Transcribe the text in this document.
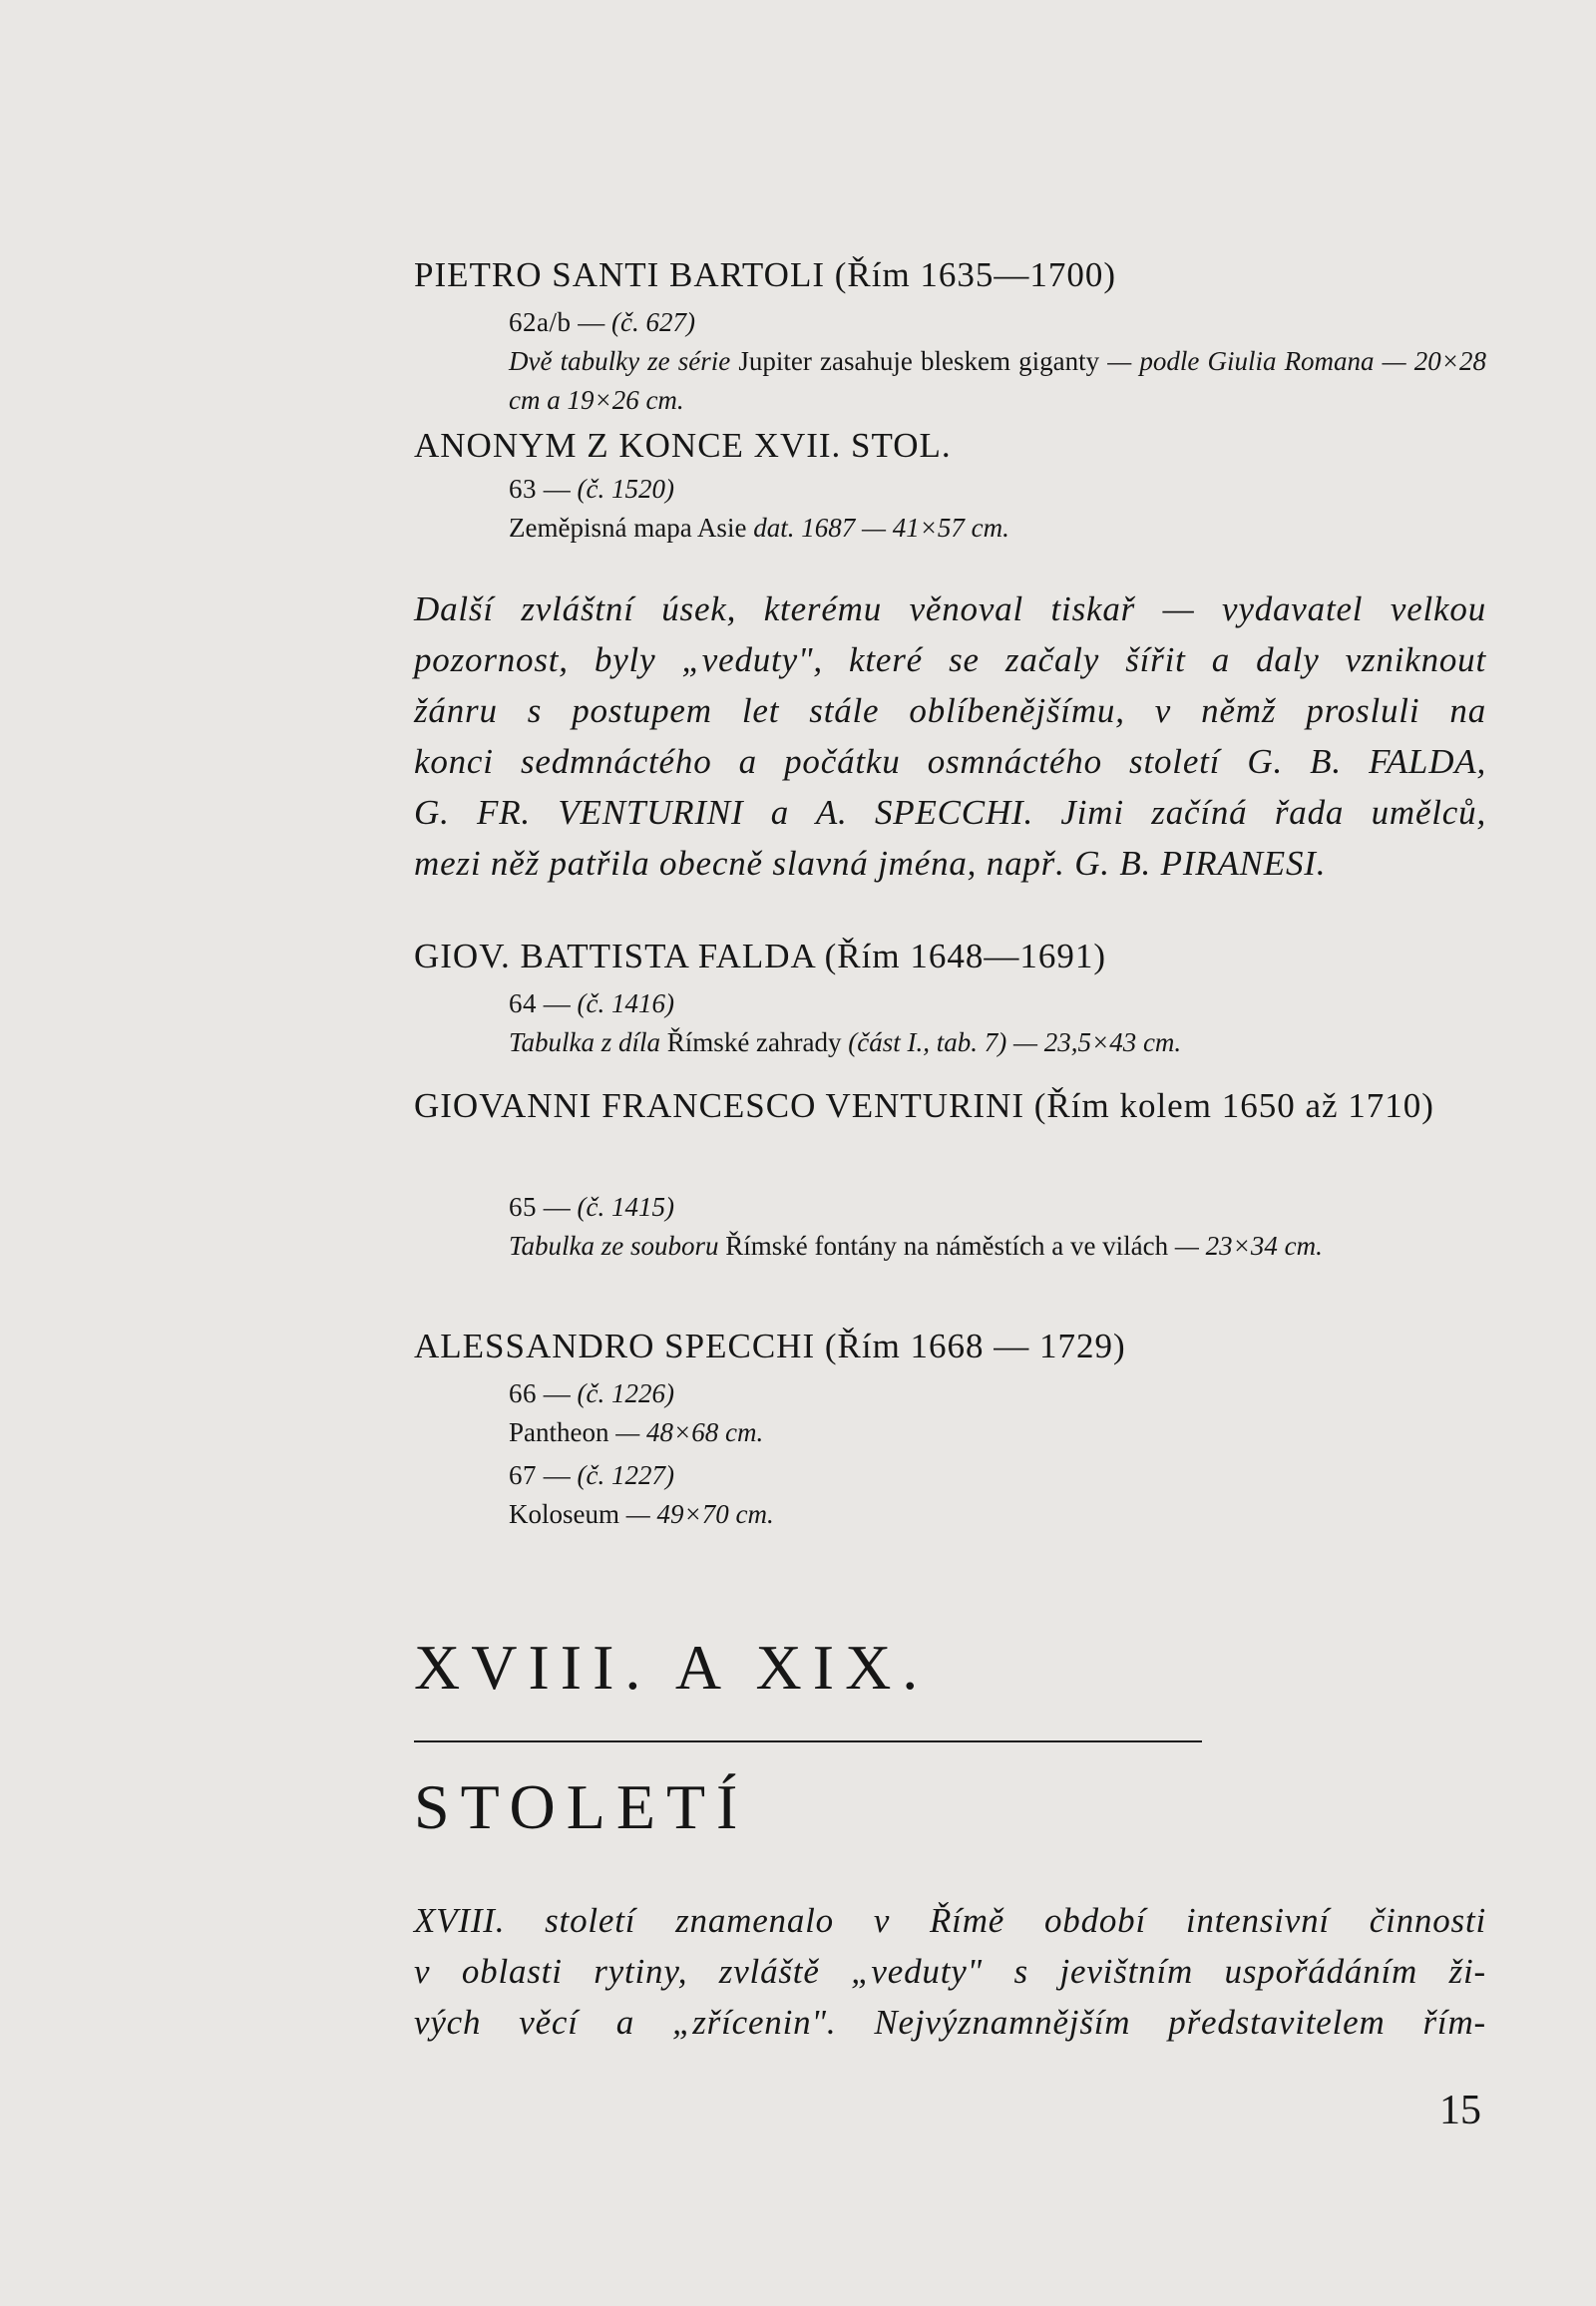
PIETRO SANTI BARTOLI (Řím 1635—1700)
62a/b — (č. 627)
Dvě tabulky ze série Jupiter zasahuje bleskem giganty — podle Giulia Romana — 20×28 cm a 19×26 cm.
ANONYM Z KONCE XVII. STOL.
63 — (č. 1520)
Zeměpisná mapa Asie dat. 1687 — 41×57 cm.
Další zvláštní úsek, kterému věnoval tiskař — vydavatel velkou
pozornost, byly „veduty", které se začaly šířit a daly vzniknout
žánru s postupem let stále oblíbenějšímu, v němž prosluli na
konci sedmnáctého a počátku osmnáctého století G. B. FALDA,
G. FR. VENTURINI a A. SPECCHI. Jimi začíná řada umělců,
mezi něž patřila obecně slavná jména, např. G. B. PIRANESI.
GIOV. BATTISTA FALDA (Řím 1648—1691)
64 — (č. 1416)
Tabulka z díla Římské zahrady (část I., tab. 7) — 23,5×43 cm.
GIOVANNI FRANCESCO VENTURINI (Řím kolem 1650 až 1710)
65 — (č. 1415)
Tabulka ze souboru Římské fontány na náměstích a ve vilách — 23×34 cm.
ALESSANDRO SPECCHI (Řím 1668 — 1729)
66 — (č. 1226)
Pantheon — 48×68 cm.
67 — (č. 1227)
Koloseum — 49×70 cm.
XVIII. A XIX.
STOLETÍ
XVIII. století znamenalo v Římě období intensivní činnosti
v oblasti rytiny, zvláště „veduty" s jevištním uspořádáním ži-
vých věcí a „zřícenin". Nejvýznamnějším představitelem řím-
15
